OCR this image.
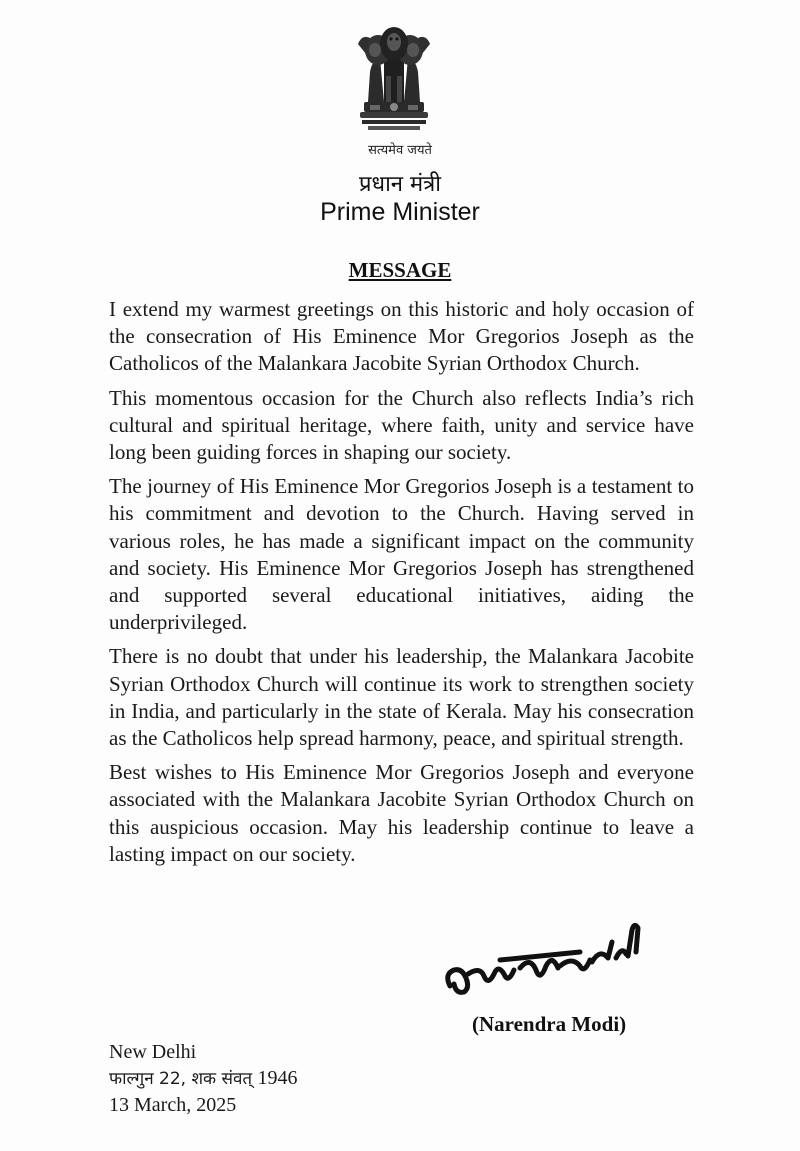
सत्यमेव जयते
प्रधान मंत्री
Prime Minister
MESSAGE

I extend my warmest greetings on this historic and holy occasion of the consecration of His Eminence Mor Gregorios Joseph as the Catholicos of the Malankara Jacobite Syrian Orthodox Church.

This momentous occasion for the Church also reflects India’s rich cultural and spiritual heritage, where faith, unity and service have long been guiding forces in shaping our society.

The journey of His Eminence Mor Gregorios Joseph is a testament to his commitment and devotion to the Church. Having served in various roles, he has made a significant impact on the community and society. His Eminence Mor Gregorios Joseph has strengthened and supported several educational initiatives, aiding the underprivileged.

There is no doubt that under his leadership, the Malankara Jacobite Syrian Orthodox Church will continue its work to strengthen society in India, and particularly in the state of Kerala. May his consecration as the Catholicos help spread harmony, peace, and spiritual strength.

Best wishes to His Eminence Mor Gregorios Joseph and everyone associated with the Malankara Jacobite Syrian Orthodox Church on this auspicious occasion. May his leadership continue to leave a lasting impact on our society.

(Narendra Modi)
New Delhi
फाल्गुन 22, शक संवत् 1946
13 March, 2025
